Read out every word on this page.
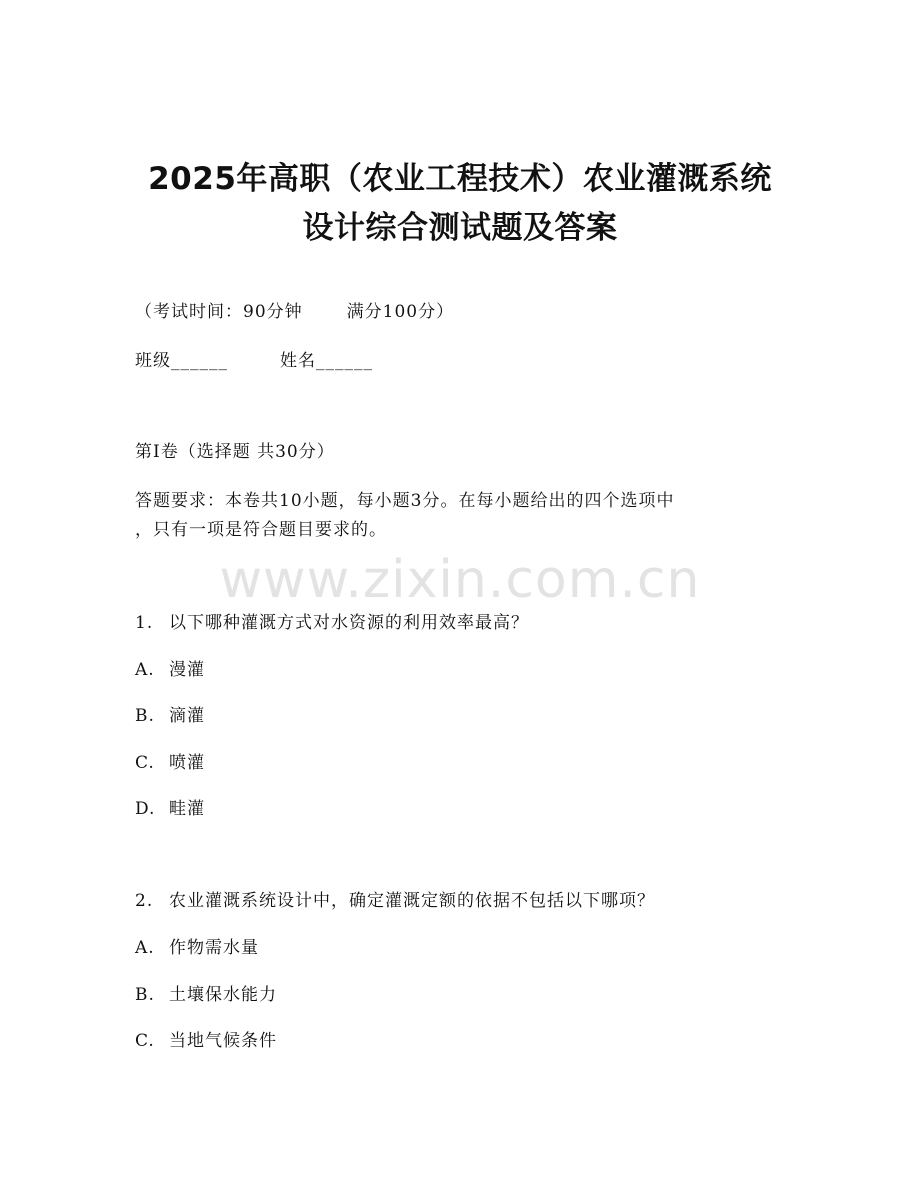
2025年高职（农业工程技术）农业灌溉系统
设计综合测试题及答案
（考试时间：90分钟	满分100分）
班级______	姓名______
第I卷（选择题 共30分）
答题要求：本卷共10小题，每小题3分。在每小题给出的四个选项中
，只有一项是符合题目要求的。
www.zixin.com.cn
1. 以下哪种灌溉方式对水资源的利用效率最高？
A. 漫灌
B. 滴灌
C. 喷灌
D. 畦灌
2. 农业灌溉系统设计中，确定灌溉定额的依据不包括以下哪项？
A. 作物需水量
B. 土壤保水能力
C. 当地气候条件
